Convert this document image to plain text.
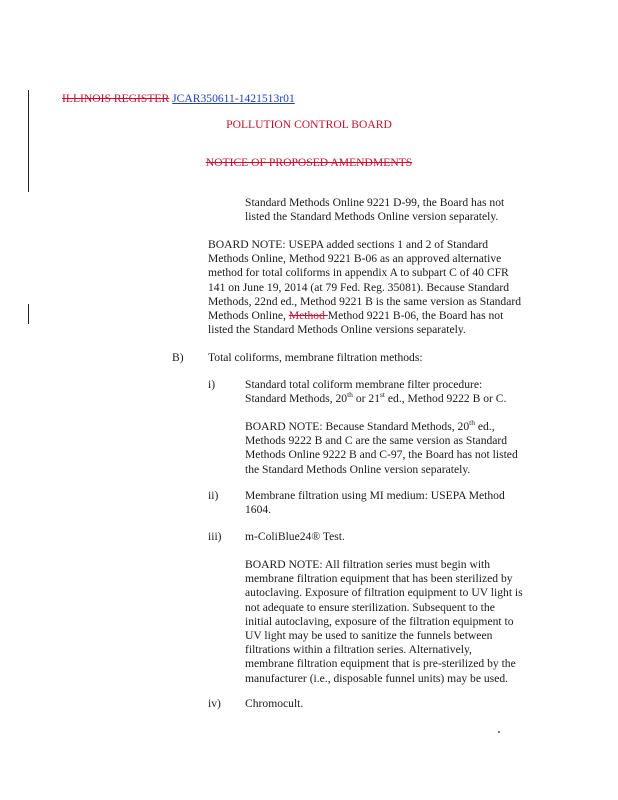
ILLINOIS REGISTER JCAR350611-1421513r01
POLLUTION CONTROL BOARD
NOTICE OF PROPOSED AMENDMENTS

Standard Methods Online 9221 D-99, the Board has not

listed the Standard Methods Online version separately.

BOARD NOTE: USEPA added sections 1 and 2 of Standard

Methods Online, Method 9221 B-06 as an approved alternative

method for total coliforms in appendix A to subpart C of 40 CFR

141 on June 19, 2014 (at 79 Fed. Reg. 35081). Because Standard

Methods, 22nd ed., Method 9221 B is the same version as Standard

Methods Online, Method Method 9221 B-06, the Board has not

listed the Standard Methods Online versions separately.

B) Total coliforms, membrane filtration methods:
i)	Standard total coliform membrane filter procedure:

Standard Methods, 20th or 21st ed., Method 9222 B or C.

BOARD NOTE: Because Standard Methods, 20th ed.,

Methods 9222 B and C are the same version as Standard

Methods Online 9222 B and C-97, the Board has not listed

the Standard Methods Online version separately.

ii) Membrane filtration using MI medium: USEPA Method

1604.

iii) m-ColiBlue24® Test.

BOARD NOTE: All filtration series must begin with

membrane filtration equipment that has been sterilized by

autoclaving. Exposure of filtration equipment to UV light is

not adequate to ensure sterilization. Subsequent to the

initial autoclaving, exposure of the filtration equipment to

UV light may be used to sanitize the funnels between

filtrations within a filtration series. Alternatively,

membrane filtration equipment that is pre-sterilized by the

manufacturer (i.e., disposable funnel units) may be used.

iv) Chromocult.
